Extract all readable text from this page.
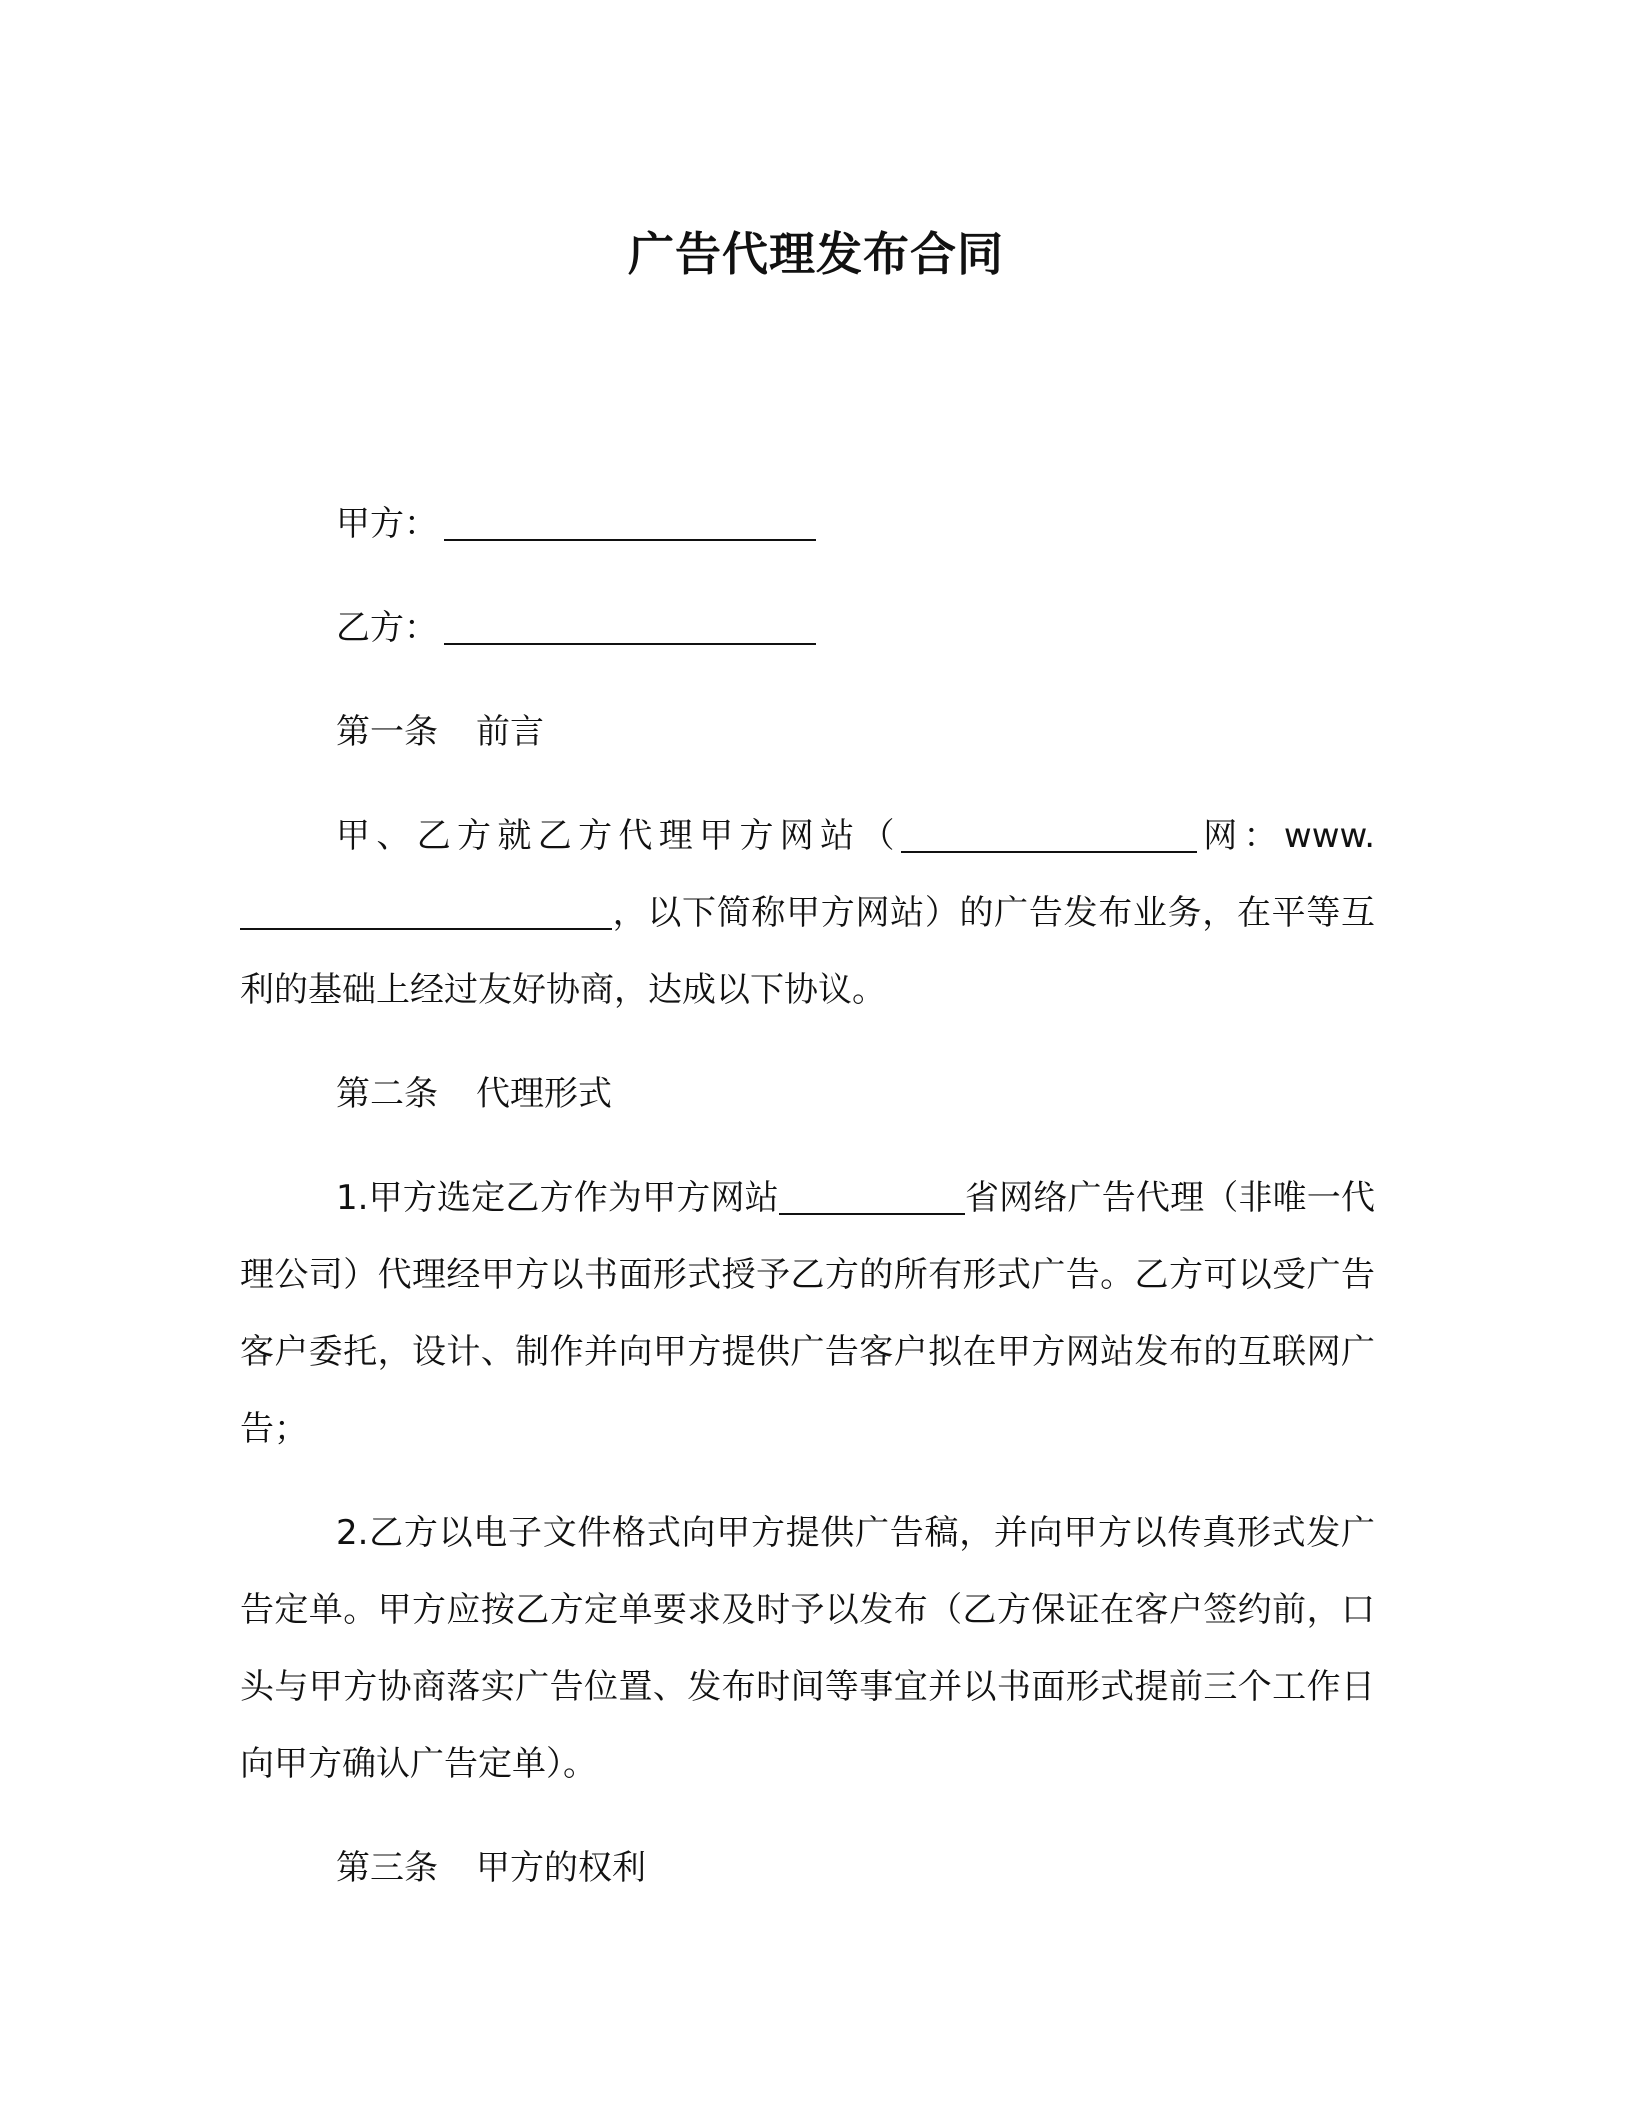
广告代理发布合同

甲方：

乙方：

第一条 前言

甲、乙方就乙方代理甲方网站（	网：www.，以下简称甲方网站）的广告发布业务，在平等互利的基础上经过友好协商，达成以下协议。

第二条 代理形式

1.甲方选定乙方作为甲方网站	省网络广告代理（非唯一代理公司）代理经甲方以书面形式授予乙方的所有形式广告。乙方可以受广告客户委托，设计、制作并向甲方提供广告客户拟在甲方网站发布的互联网广告；

2.乙方以电子文件格式向甲方提供广告稿，并向甲方以传真形式发广告定单。甲方应按乙方定单要求及时予以发布（乙方保证在客户签约前，口头与甲方协商落实广告位置、发布时间等事宜并以书面形式提前三个工作日向甲方确认广告定单）。

第三条 甲方的权利
